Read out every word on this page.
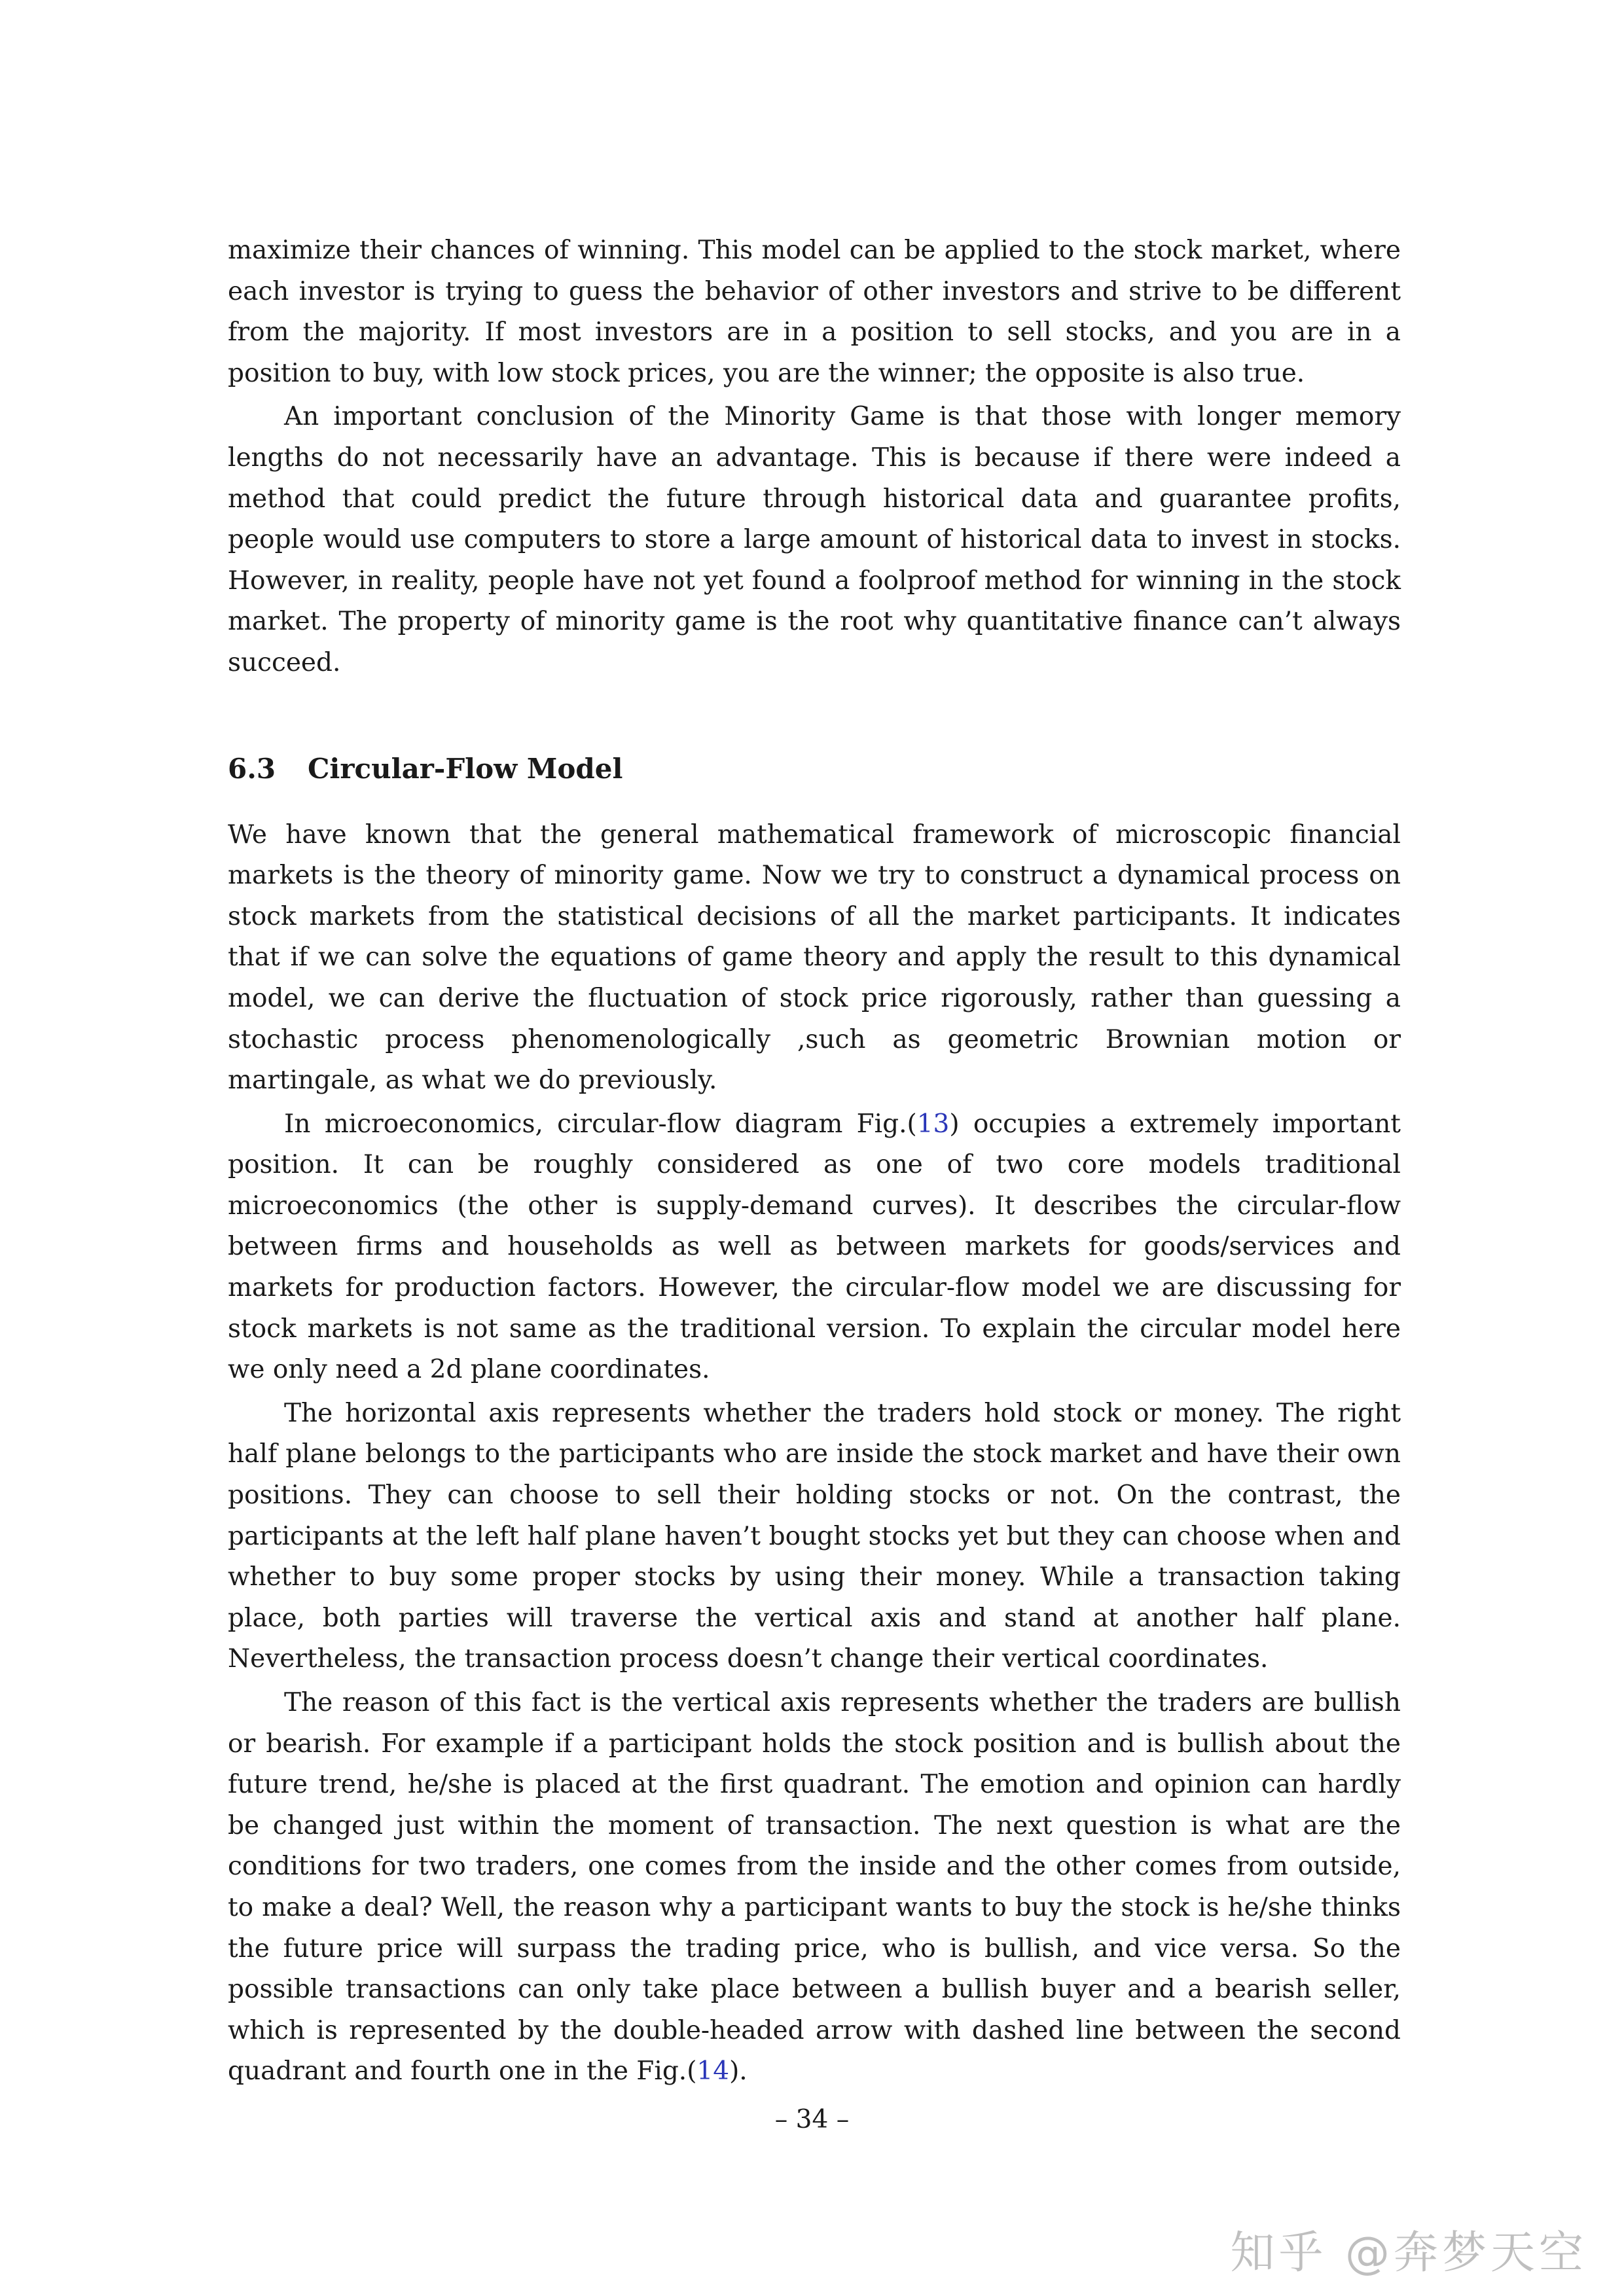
maximize their chances of winning. This model can be applied to the stock market, where each investor is trying to guess the behavior of other investors and strive to be different from the majority. If most investors are in a position to sell stocks, and you are in a position to buy, with low stock prices, you are the winner; the opposite is also true.

An important conclusion of the Minority Game is that those with longer memory lengths do not necessarily have an advantage. This is because if there were indeed a method that could predict the future through historical data and guarantee profits, people would use computers to store a large amount of historical data to invest in stocks. However, in reality, people have not yet found a foolproof method for winning in the stock market. The property of minority game is the root why quantitative finance can’t always succeed.

6.3 Circular-Flow Model

We have known that the general mathematical framework of microscopic financial markets is the theory of minority game. Now we try to construct a dynamical process on stock markets from the statistical decisions of all the market participants. It indicates that if we can solve the equations of game theory and apply the result to this dynamical model, we can derive the fluctuation of stock price rigorously, rather than guessing a stochastic process phenomenologically ,such as geometric Brownian motion or martingale, as what we do previously.

In microeconomics, circular-flow diagram Fig.(13) occupies a extremely important position. It can be roughly considered as one of two core models traditional microeconomics (the other is supply-demand curves). It describes the circular-flow between firms and households as well as between markets for goods/services and markets for production factors. However, the circular-flow model we are discussing for stock markets is not same as the traditional version. To explain the circular model here we only need a 2d plane coordinates.

The horizontal axis represents whether the traders hold stock or money. The right half plane belongs to the participants who are inside the stock market and have their own positions. They can choose to sell their holding stocks or not. On the contrast, the participants at the left half plane haven’t bought stocks yet but they can choose when and whether to buy some proper stocks by using their money. While a transaction taking place, both parties will traverse the vertical axis and stand at another half plane. Nevertheless, the transaction process doesn’t change their vertical coordinates.

The reason of this fact is the vertical axis represents whether the traders are bullish or bearish. For example if a participant holds the stock position and is bullish about the future trend, he/she is placed at the first quadrant. The emotion and opinion can hardly be changed just within the moment of transaction. The next question is what are the conditions for two traders, one comes from the inside and the other comes from outside, to make a deal? Well, the reason why a participant wants to buy the stock is he/she thinks the future price will surpass the trading price, who is bullish, and vice versa. So the possible transactions can only take place between a bullish buyer and a bearish seller, which is represented by the double-headed arrow with dashed line between the second quadrant and fourth one in the Fig.(14).

– 34 –
知乎 @奔梦天空
